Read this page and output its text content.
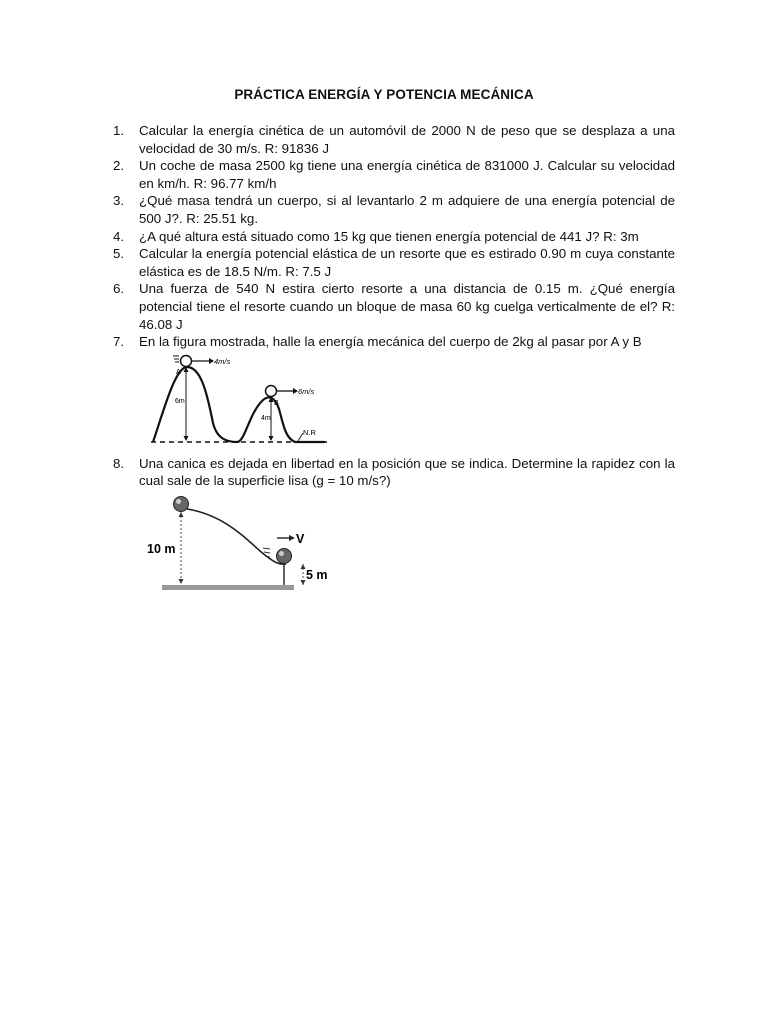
PRÁCTICA ENERGÍA Y POTENCIA MECÁNICA
1. Calcular la energía cinética de un automóvil de 2000 N de peso que se desplaza a una velocidad de 30 m/s. R: 91836 J
2. Un coche de masa 2500 kg tiene una energía cinética de 831000 J. Calcular su velocidad en km/h. R: 96.77 km/h
3. ¿Qué masa tendrá un cuerpo, si al levantarlo 2 m adquiere de una energía potencial de 500 J?. R: 25.51 kg.
4. ¿A qué altura está situado como 15 kg que tienen energía potencial de 441 J? R: 3m
5. Calcular la energía potencial elástica de un resorte que es estirado 0.90 m cuya constante elástica es de 18.5 N/m. R: 7.5 J
6. Una fuerza de 540 N estira cierto resorte a una distancia de 0.15 m. ¿Qué energía potencial tiene el resorte cuando un bloque de masa 60 kg cuelga verticalmente de el? R: 46.08 J
7. En la figura mostrada, halle la energía mecánica del cuerpo de 2kg al pasar por A y B
4m/s
A
6m
6m/s
B
4m
N.R
8. Una canica es dejada en libertad en la posición que se indica. Determine la rapidez con la cual sale de la superficie lisa (g = 10 m/s?)
10 m
V
5 m
